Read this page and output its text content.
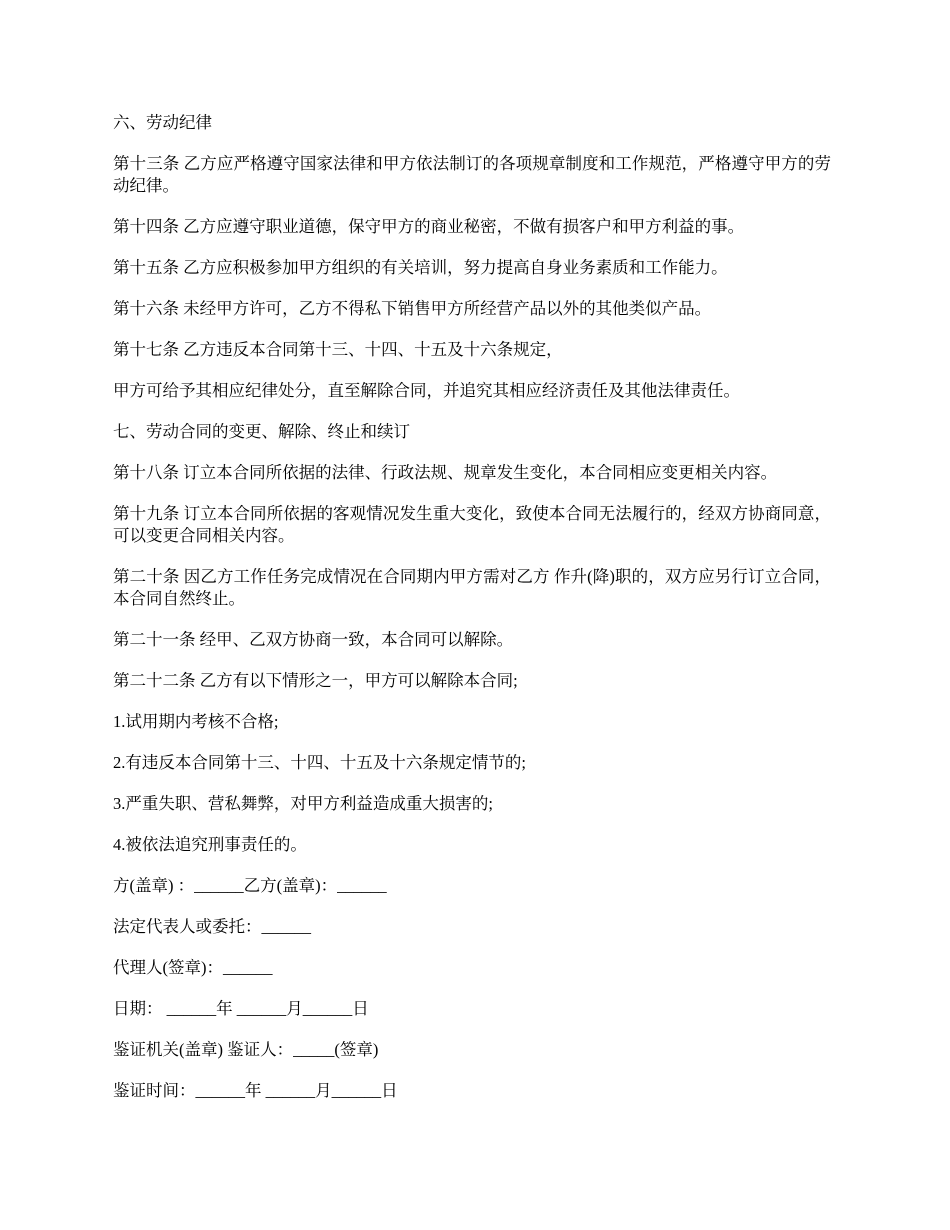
六、劳动纪律

第十三条 乙方应严格遵守国家法律和甲方依法制订的各项规章制度和工作规范，严格遵守甲方的劳动纪律。

第十四条 乙方应遵守职业道德，保守甲方的商业秘密，不做有损客户和甲方利益的事。

第十五条 乙方应积极参加甲方组织的有关培训，努力提高自身业务素质和工作能力。

第十六条 未经甲方许可，乙方不得私下销售甲方所经营产品以外的其他类似产品。

第十七条 乙方违反本合同第十三、十四、十五及十六条规定，

甲方可给予其相应纪律处分，直至解除合同，并追究其相应经济责任及其他法律责任。

七、劳动合同的变更、解除、终止和续订

第十八条 订立本合同所依据的法律、行政法规、规章发生变化，本合同相应变更相关内容。

第十九条 订立本合同所依据的客观情况发生重大变化，致使本合同无法履行的，经双方协商同意，可以变更合同相关内容。

第二十条 因乙方工作任务完成情况在合同期内甲方需对乙方 作升(降)职的，双方应另行订立合同，本合同自然终止。

第二十一条 经甲、乙双方协商一致，本合同可以解除。

第二十二条 乙方有以下情形之一，甲方可以解除本合同;

1.试用期内考核不合格;

2.有违反本合同第十三、十四、十五及十六条规定情节的;

3.严重失职、营私舞弊，对甲方利益造成重大损害的;

4.被依法追究刑事责任的。

方(盖章) ：______乙方(盖章)：______

法定代表人或委托：______

代理人(签章)：______

日期： ______年 ______月______日

鉴证机关(盖章) 鉴证人：_____(签章)

鉴证时间：______年 ______月______日
